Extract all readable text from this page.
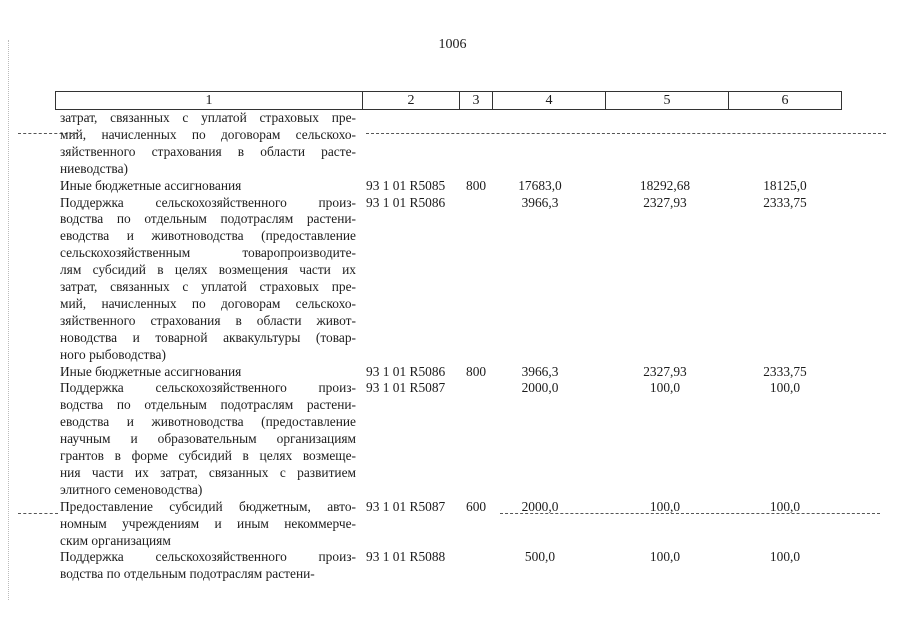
1006
1	2	3	4	5	6
затрат, связанных с уплатой страховых пре-
мий, начисленных по договорам сельскохо-
зяйственного страхования в области расте-
ниеводства)
Иные бюджетные ассигнования	93 1 01 R5085 800	17683,0	18292,68	18125,0
Поддержка сельскохозяйственного произ-
водства по отдельным подотраслям растени-
еводства и животноводства (предоставление
сельскохозяйственным товаропроизводите-
лям субсидий в целях возмещения части их
затрат, связанных с уплатой страховых пре-
мий, начисленных по договорам сельскохо-
зяйственного страхования в области живот-
новодства и товарной аквакультуры (товар-
ного рыбоводства)
93 1 01 R5086	3966,3	2327,93	2333,75
Иные бюджетные ассигнования	93 1 01 R5086 800	3966,3	2327,93	2333,75
Поддержка сельскохозяйственного произ-
водства по отдельным подотраслям растени-
еводства и животноводства (предоставление
научным и образовательным организациям
грантов в форме субсидий в целях возмеще-
ния части их затрат, связанных с развитием
элитного семеноводства)
93 1 01 R5087	2000,0	100,0	100,0
Предоставление субсидий бюджетным, авто-
номным учреждениям и иным некоммерче-
ским организациям
93 1 01 R5087 600	2000,0	100,0	100,0
Поддержка сельскохозяйственного произ-
водства по отдельным подотраслям растени-
93 1 01 R5088	500,0	100,0	100,0
